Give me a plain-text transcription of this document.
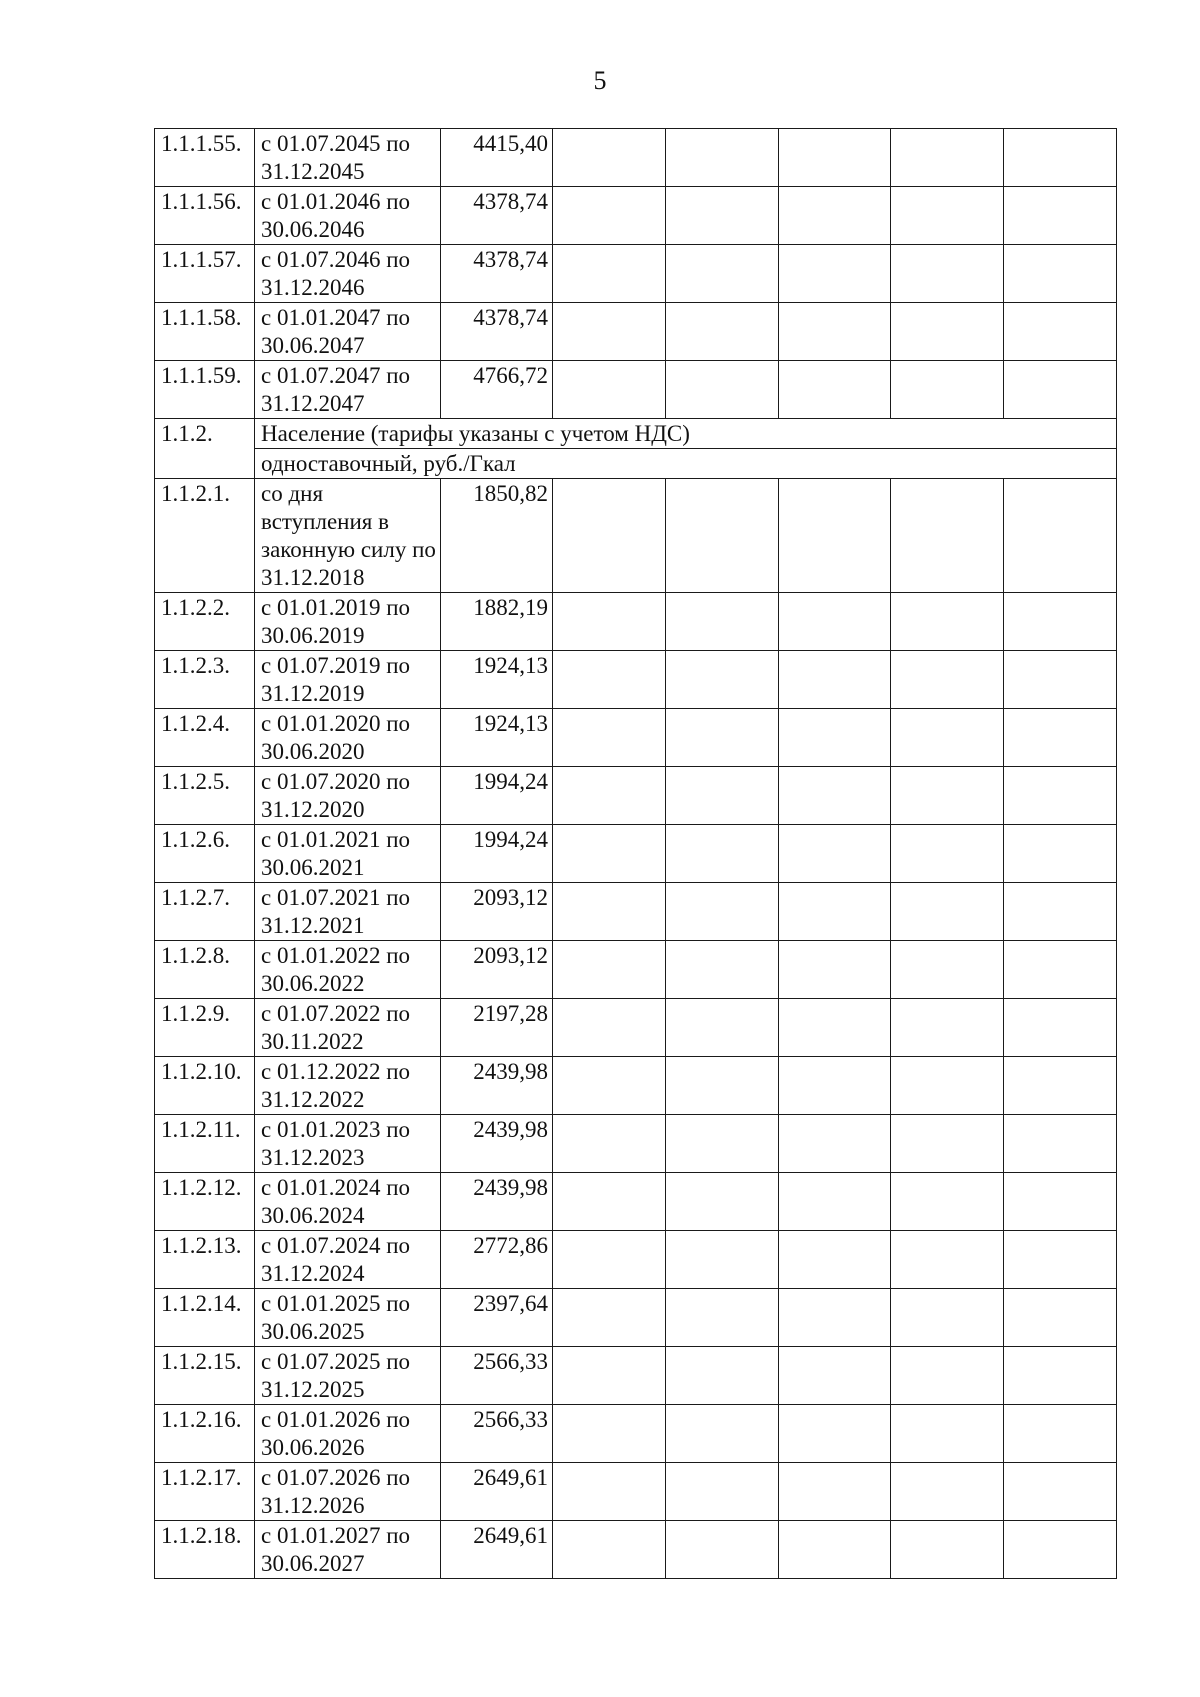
5
1.1.1.55.	с 01.07.2045 по 31.12.2045	4415,40					
1.1.1.56.	с 01.01.2046 по 30.06.2046	4378,74					
1.1.1.57.	с 01.07.2046 по 31.12.2046	4378,74					
1.1.1.58.	с 01.01.2047 по 30.06.2047	4378,74					
1.1.1.59.	с 01.07.2047 по 31.12.2047	4766,72					
1.1.2.	Население (тарифы указаны с учетом НДС)						
	одноставочный, руб./Гкал						
1.1.2.1.	со дня вступления в законную силу по 31.12.2018	1850,82					
1.1.2.2.	с 01.01.2019 по 30.06.2019	1882,19					
1.1.2.3.	с 01.07.2019 по 31.12.2019	1924,13					
1.1.2.4.	с 01.01.2020 по 30.06.2020	1924,13					
1.1.2.5.	с 01.07.2020 по 31.12.2020	1994,24					
1.1.2.6.	с 01.01.2021 по 30.06.2021	1994,24					
1.1.2.7.	с 01.07.2021 по 31.12.2021	2093,12					
1.1.2.8.	с 01.01.2022 по 30.06.2022	2093,12					
1.1.2.9.	с 01.07.2022 по 30.11.2022	2197,28					
1.1.2.10.	с 01.12.2022 по 31.12.2022	2439,98					
1.1.2.11.	с 01.01.2023 по 31.12.2023	2439,98					
1.1.2.12.	с 01.01.2024 по 30.06.2024	2439,98					
1.1.2.13.	с 01.07.2024 по 31.12.2024	2772,86					
1.1.2.14.	с 01.01.2025 по 30.06.2025	2397,64					
1.1.2.15.	с 01.07.2025 по 31.12.2025	2566,33					
1.1.2.16.	с 01.01.2026 по 30.06.2026	2566,33					
1.1.2.17.	с 01.07.2026 по 31.12.2026	2649,61					
1.1.2.18.	с 01.01.2027 по 30.06.2027	2649,61					
